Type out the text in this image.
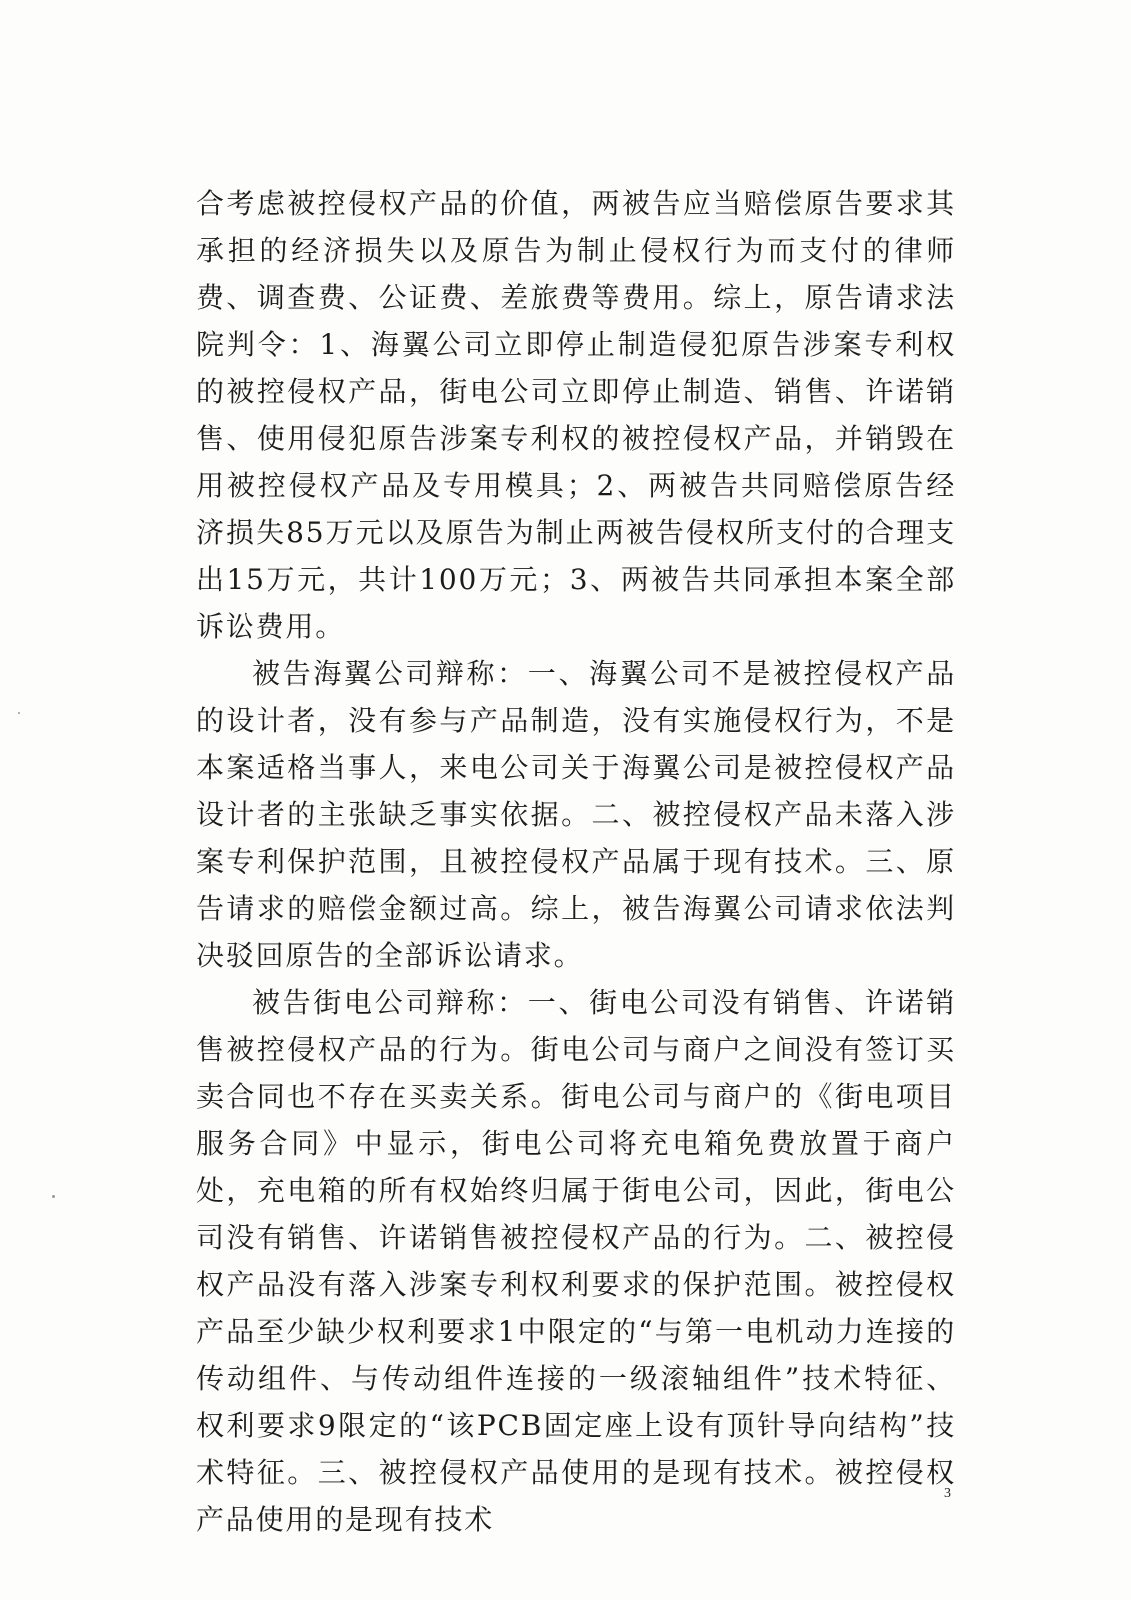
合考虑被控侵权产品的价值，两被告应当赔偿原告要求其承担的经济损失以及原告为制止侵权行为而支付的律师费、调查费、公证费、差旅费等费用。综上，原告请求法院判令：1、海翼公司立即停止制造侵犯原告涉案专利权的被控侵权产品，街电公司立即停止制造、销售、许诺销售、使用侵犯原告涉案专利权的被控侵权产品，并销毁在用被控侵权产品及专用模具；2、两被告共同赔偿原告经济损失85万元以及原告为制止两被告侵权所支付的合理支出15万元，共计100万元；3、两被告共同承担本案全部诉讼费用。

被告海翼公司辩称：一、海翼公司不是被控侵权产品的设计者，没有参与产品制造，没有实施侵权行为，不是本案适格当事人，来电公司关于海翼公司是被控侵权产品设计者的主张缺乏事实依据。二、被控侵权产品未落入涉案专利保护范围，且被控侵权产品属于现有技术。三、原告请求的赔偿金额过高。综上，被告海翼公司请求依法判决驳回原告的全部诉讼请求。

被告街电公司辩称：一、街电公司没有销售、许诺销售被控侵权产品的行为。街电公司与商户之间没有签订买卖合同也不存在买卖关系。街电公司与商户的《街电项目服务合同》中显示，街电公司将充电箱免费放置于商户处，充电箱的所有权始终归属于街电公司，因此，街电公司没有销售、许诺销售被控侵权产品的行为。二、被控侵权产品没有落入涉案专利权利要求的保护范围。被控侵权产品至少缺少权利要求1中限定的“与第一电机动力连接的传动组件、与传动组件连接的一级滚轴组件”技术特征、权利要求9限定的“该PCB固定座上设有顶针导向结构”技术特征。三、被控侵权产品使用的是现有技术。被控侵权产品使用的是现有技术

3
